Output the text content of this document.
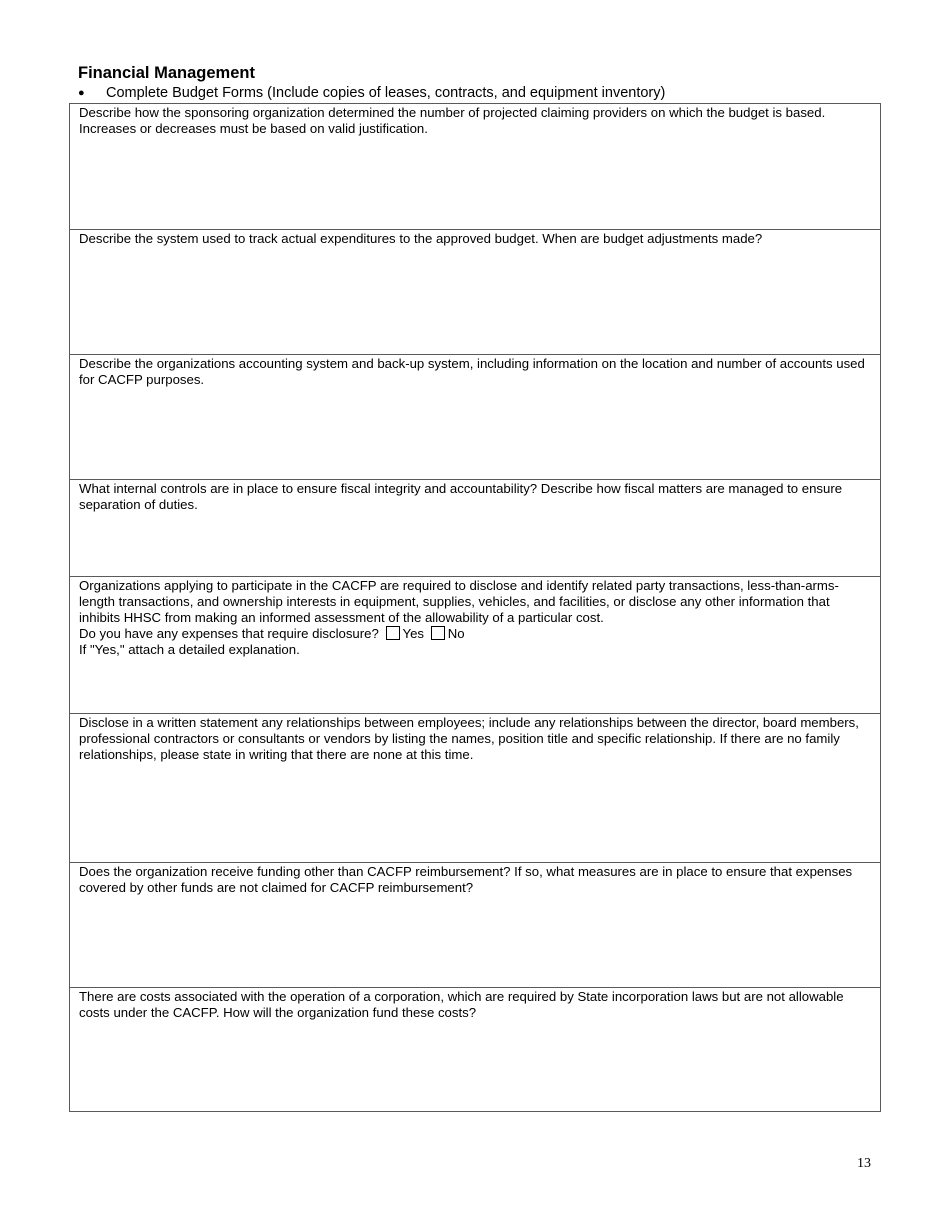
Financial Management
●	Complete Budget Forms (Include copies of leases, contracts, and equipment inventory)

Describe how the sponsoring organization determined the number of projected claiming providers on which the budget is based. Increases or decreases must be based on valid justification.

Describe the system used to track actual expenditures to the approved budget. When are budget adjustments made?

Describe the organizations accounting system and back-up system, including information on the location and number of accounts used for CACFP purposes.

What internal controls are in place to ensure fiscal integrity and accountability? Describe how fiscal matters are managed to ensure separation of duties.

Organizations applying to participate in the CACFP are required to disclose and identify related party transactions, less-than-arms-length transactions, and ownership interests in equipment, supplies, vehicles, and facilities, or disclose any other information that inhibits HHSC from making an informed assessment of the allowability of a particular cost.

Do you have any expenses that require disclosure? Yes No
If "Yes," attach a detailed explanation.

Disclose in a written statement any relationships between employees; include any relationships between the director, board members, professional contractors or consultants or vendors by listing the names, position title and specific relationship. If there are no family relationships, please state in writing that there are none at this time.

Does the organization receive funding other than CACFP reimbursement? If so, what measures are in place to ensure that expenses covered by other funds are not claimed for CACFP reimbursement?

There are costs associated with the operation of a corporation, which are required by State incorporation laws but are not allowable costs under the CACFP. How will the organization fund these costs?

13
